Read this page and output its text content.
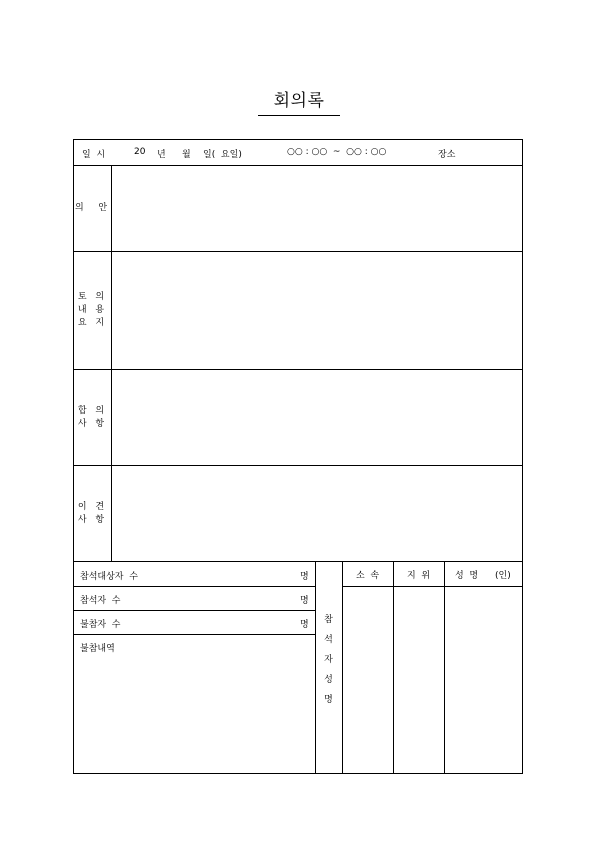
회의록
일  시	20 년 월 일(  요일)	○○ : ○○  ~  ○○ : ○○	장소
의  안
토 의
내 용
요 지
합 의
사 항
이 견
사 항
참석대상자  수	명
참석자  수	명
불참자  수	명
불참내역
참
석
자
성
명
소  속	지  위	성  명 (인)
